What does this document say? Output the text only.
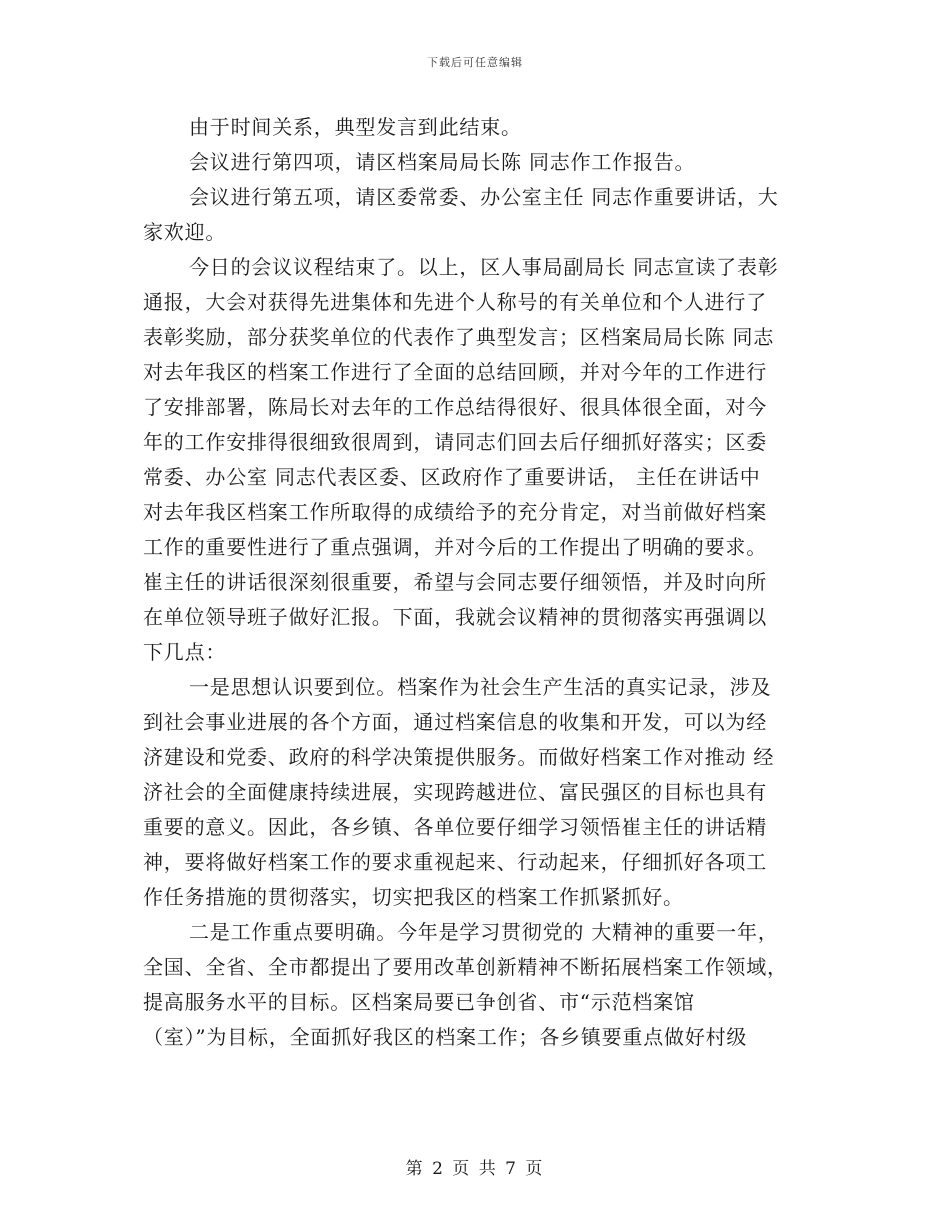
下载后可任意编辑

由于时间关系，典型发言到此结束。

会议进行第四项，请区档案局局长陈 同志作工作报告。

会议进行第五项，请区委常委、办公室主任 同志作重要讲话，大
家欢迎。

今日的会议议程结束了。以上，区人事局副局长 同志宣读了表彰
通报，大会对获得先进集体和先进个人称号的有关单位和个人进行了
表彰奖励，部分获奖单位的代表作了典型发言；区档案局局长陈 同志
对去年我区的档案工作进行了全面的总结回顾，并对今年的工作进行
了安排部署，陈局长对去年的工作总结得很好、很具体很全面，对今
年的工作安排得很细致很周到，请同志们回去后仔细抓好落实；区委
常委、办公室 同志代表区委、区政府作了重要讲话， 主任在讲话中
对去年我区档案工作所取得的成绩给予的充分肯定，对当前做好档案
工作的重要性进行了重点强调，并对今后的工作提出了明确的要求。
崔主任的讲话很深刻很重要，希望与会同志要仔细领悟，并及时向所
在单位领导班子做好汇报。下面，我就会议精神的贯彻落实再强调以
下几点：

一是思想认识要到位。档案作为社会生产生活的真实记录，涉及
到社会事业进展的各个方面，通过档案信息的收集和开发，可以为经
济建设和党委、政府的科学决策提供服务。而做好档案工作对推动 经
济社会的全面健康持续进展，实现跨越进位、富民强区的目标也具有
重要的意义。因此，各乡镇、各单位要仔细学习领悟崔主任的讲话精
神，要将做好档案工作的要求重视起来、行动起来，仔细抓好各项工
作任务措施的贯彻落实，切实把我区的档案工作抓紧抓好。

二是工作重点要明确。今年是学习贯彻党的 大精神的重要一年，
全国、全省、全市都提出了要用改革创新精神不断拓展档案工作领域，
提高服务水平的目标。区档案局要已争创省、市“示范档案馆
（室）”为目标，全面抓好我区的档案工作；各乡镇要重点做好村级

第 2 页 共 7 页
